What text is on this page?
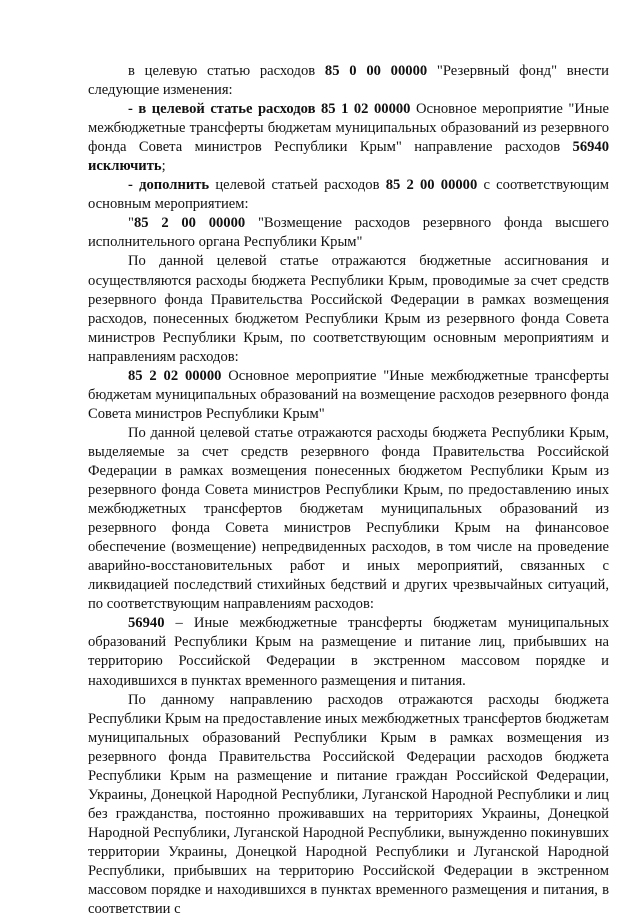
в целевую статью расходов 85 0 00 00000 "Резервный фонд" внести следующие изменения:

- в целевой статье расходов 85 1 02 00000 Основное мероприятие "Иные межбюджетные трансферты бюджетам муниципальных образований из резервного фонда Совета министров Республики Крым" направление расходов 56940 исключить;

- дополнить целевой статьей расходов 85 2 00 00000 с соответствующим основным мероприятием:

"85 2 00 00000 "Возмещение расходов резервного фонда высшего исполнительного органа Республики Крым"

По данной целевой статье отражаются бюджетные ассигнования и осуществляются расходы бюджета Республики Крым, проводимые за счет средств резервного фонда Правительства Российской Федерации в рамках возмещения расходов, понесенных бюджетом Республики Крым из резервного фонда Совета министров Республики Крым, по соответствующим основным мероприятиям и направлениям расходов:

85 2 02 00000 Основное мероприятие "Иные межбюджетные трансферты бюджетам муниципальных образований на возмещение расходов резервного фонда Совета министров Республики Крым"

По данной целевой статье отражаются расходы бюджета Республики Крым, выделяемые за счет средств резервного фонда Правительства Российской Федерации в рамках возмещения понесенных бюджетом Республики Крым из резервного фонда Совета министров Республики Крым, по предоставлению иных межбюджетных трансфертов бюджетам муниципальных образований из резервного фонда Совета министров Республики Крым на финансовое обеспечение (возмещение) непредвиденных расходов, в том числе на проведение аварийно-восстановительных работ и иных мероприятий, связанных с ликвидацией последствий стихийных бедствий и других чрезвычайных ситуаций, по соответствующим направлениям расходов:

56940 – Иные межбюджетные трансферты бюджетам муниципальных образований Республики Крым на размещение и питание лиц, прибывших на территорию Российской Федерации в экстренном массовом порядке и находившихся в пунктах временного размещения и питания.

По данному направлению расходов отражаются расходы бюджета Республики Крым на предоставление иных межбюджетных трансфертов бюджетам муниципальных образований Республики Крым в рамках возмещения из резервного фонда Правительства Российской Федерации расходов бюджета Республики Крым на размещение и питание граждан Российской Федерации, Украины, Донецкой Народной Республики, Луганской Народной Республики и лиц без гражданства, постоянно проживавших на территориях Украины, Донецкой Народной Республики, Луганской Народной Республики, вынужденно покинувших территории Украины, Донецкой Народной Республики и Луганской Народной Республики, прибывших на территорию Российской Федерации в экстренном массовом порядке и находившихся в пунктах временного размещения и питания, в соответствии с
